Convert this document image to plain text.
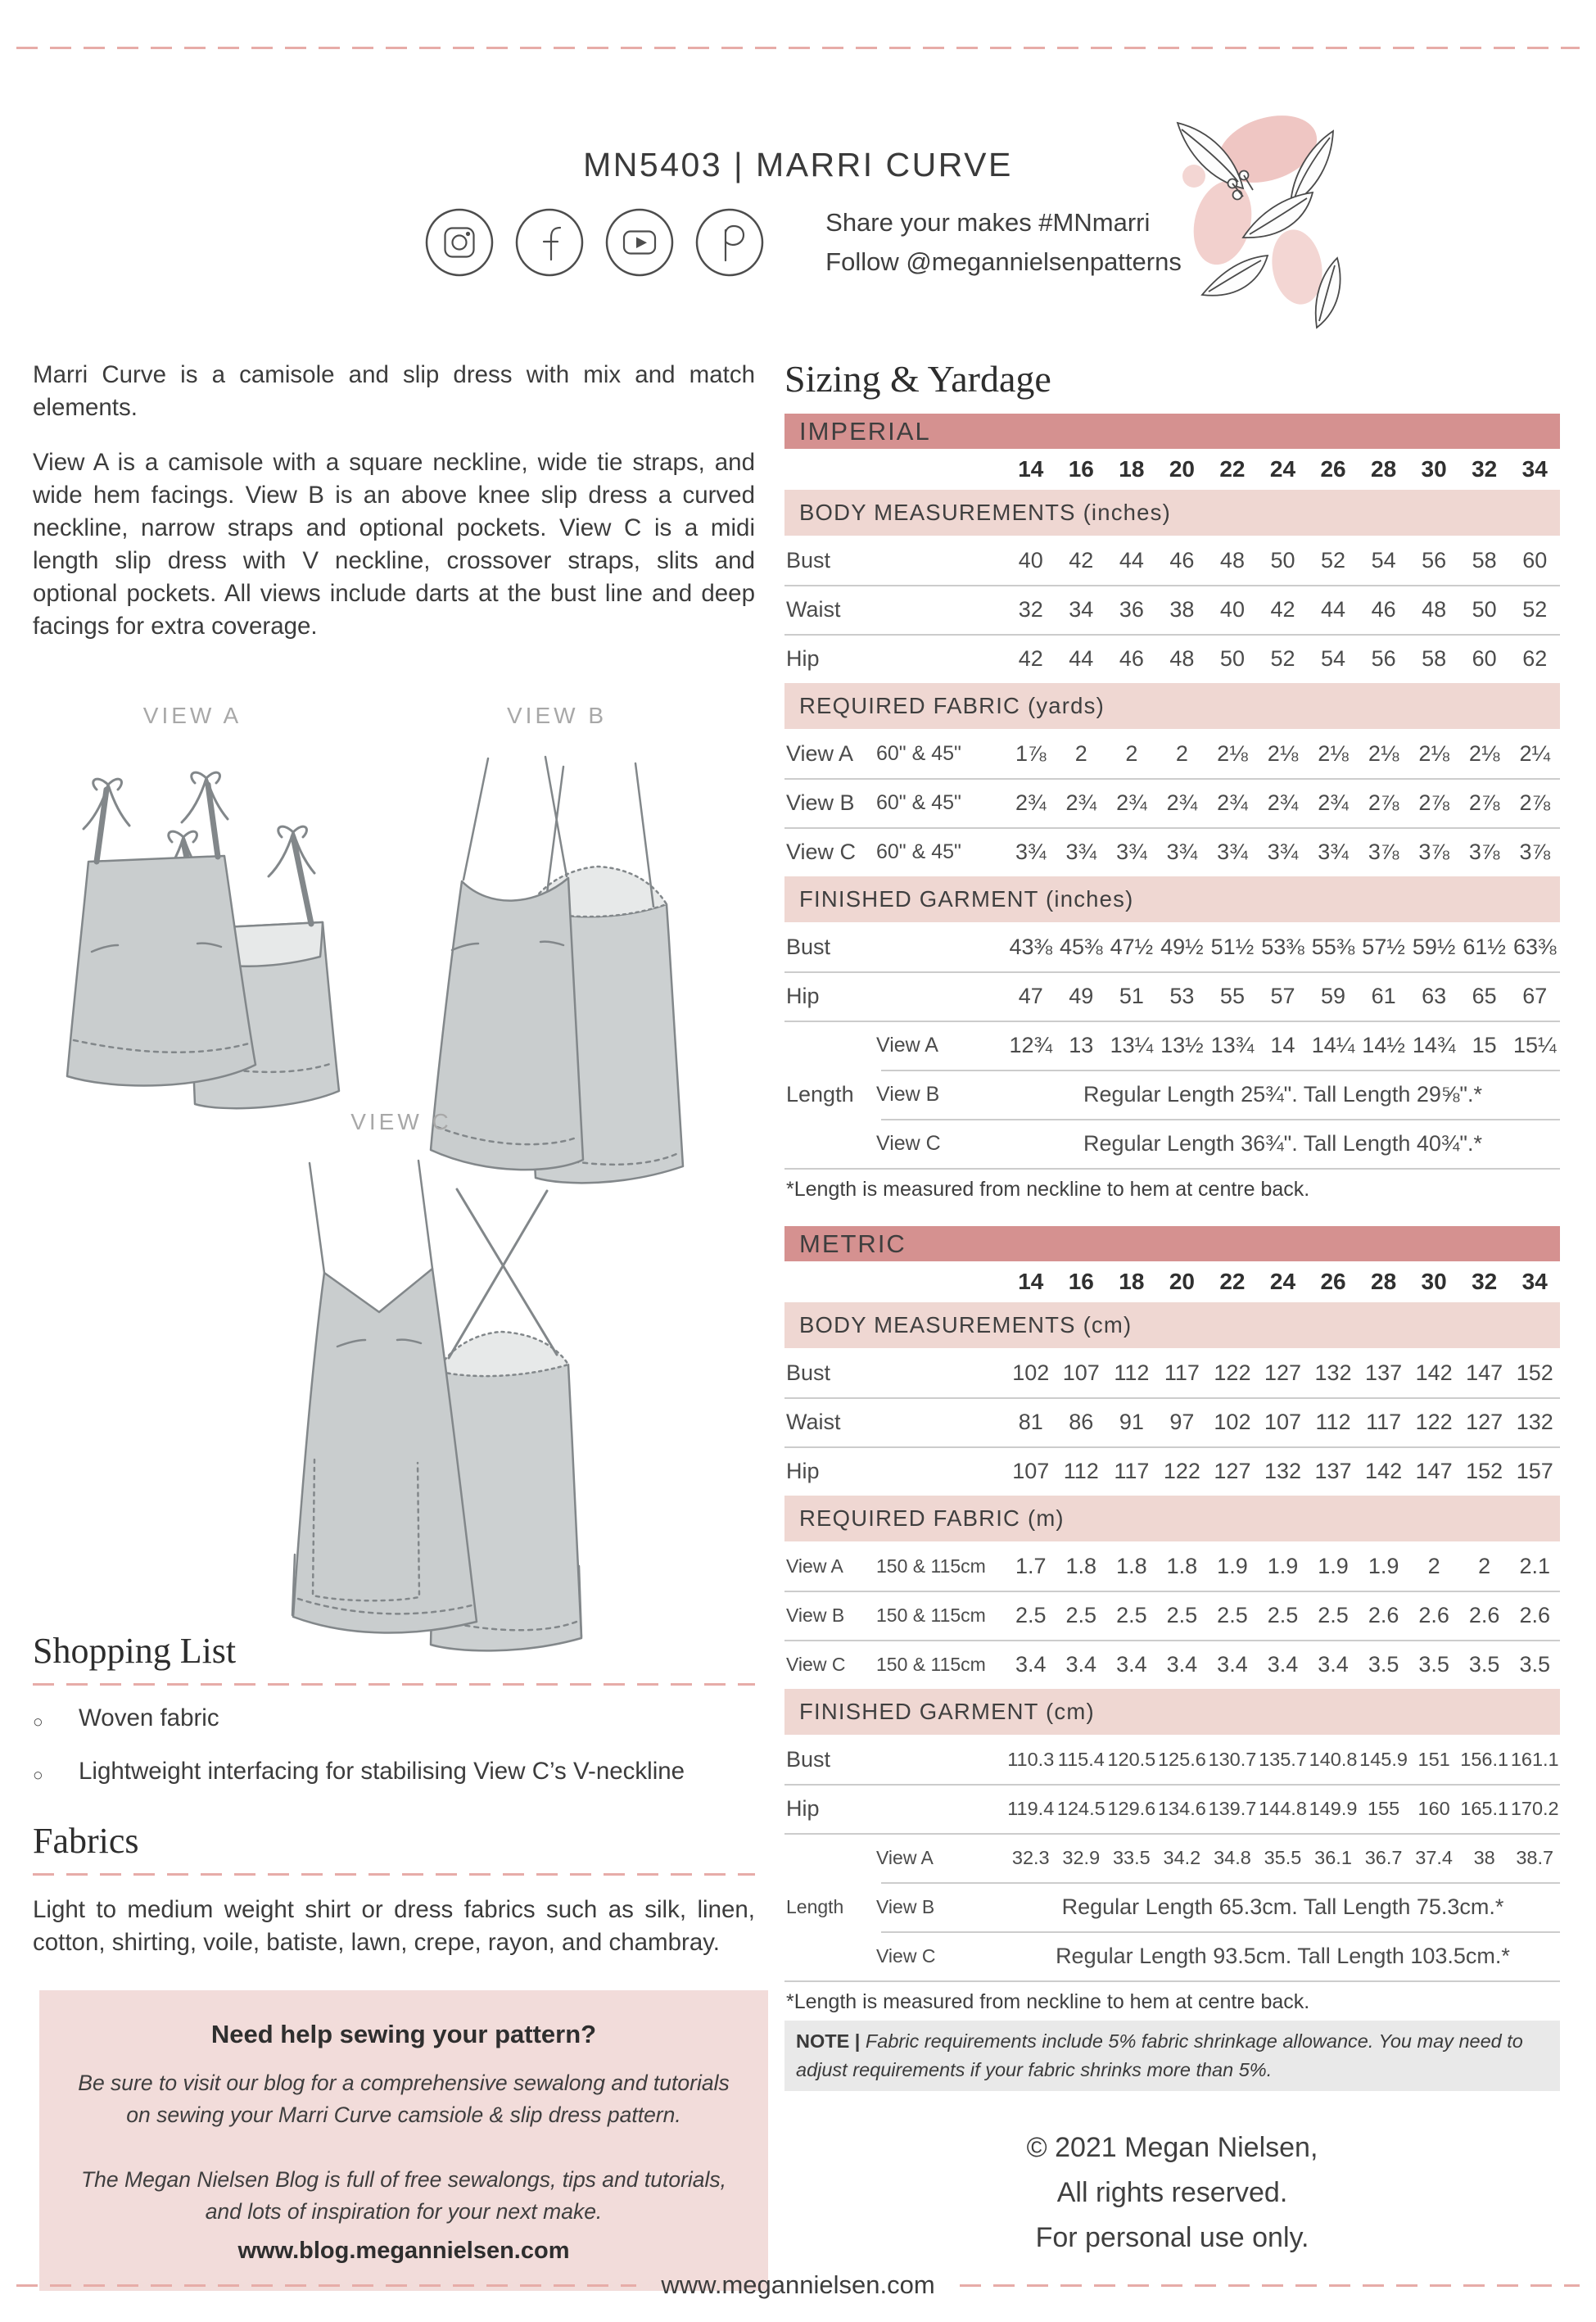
MN5403 | MARRI CURVE
Share your makes #MNmarri
Follow @megannielsenpatterns

Marri Curve is a camisole and slip dress with mix and match elements.

View A is a camisole with a square neckline, wide tie straps, and wide hem facings. View B is an above knee slip dress a curved neckline, narrow straps and optional pockets. View C is a midi length slip dress with V neckline, crossover straps, slits and optional pockets. All views include darts at the bust line and deep facings for extra coverage.

VIEW A	VIEW B
VIEW C
Shopping List
○	Woven fabric
○	Lightweight interfacing for stabilising View C’s V-neckline
Fabrics

Light to medium weight shirt or dress fabrics such as silk, linen, cotton, shirting, voile, batiste, lawn, crepe, rayon, and chambray.

Need help sewing your pattern?

Be sure to visit our blog for a comprehensive sewalong and tutorials on sewing your Marri Curve camsiole & slip dress pattern.

The Megan Nielsen Blog is full of free sewalongs, tips and tutorials, and lots of inspiration for your next make.

www.blog.megannielsen.com
Sizing & Yardage
IMPERIAL
14	16	18	20	22	24	26	28	30	32	34
BODY MEASUREMENTS (inches)
Bust	40	42	44	46	48	50	52	54	56	58	60
Waist	32	34	36	38	40	42	44	46	48	50	52
Hip	42	44	46	48	50	52	54	56	58	60	62
REQUIRED FABRIC (yards)
View A	60" & 45"	1⅞	2	2	2	2⅛ 2⅛ 2⅛ 2⅛ 2⅛ 2⅛ 2¼
View B	60" & 45"	2¾ 2¾ 2¾ 2¾ 2¾ 2¾ 2¾ 2⅞ 2⅞ 2⅞ 2⅞
View C 60" & 45"	3¾ 3¾ 3¾ 3¾ 3¾ 3¾ 3¾ 3⅞ 3⅞ 3⅞ 3⅞
FINISHED GARMENT (inches)
Bust	43⅜ 45⅜ 47½ 49½ 51½ 53⅜ 55⅜ 57½ 59½ 61½ 63⅜
Hip	47	49	51	53	55	57	59	61	63	65	67
View A	12¾ 13 13¼ 13½ 13¾ 14 14¼ 14½ 14¾ 15 15¼
Length	View B	Regular Length 25¾". Tall Length 29⅝".*
View C	Regular Length 36¾". Tall Length 40¾".*
*Length is measured from neckline to hem at centre back.
METRIC
14	16	18	20	22	24	26	28	30	32	34
BODY MEASUREMENTS (cm)
Bust	102 107 112 117 122 127 132 137 142 147 152
Waist	81	86	91	97 102 107 112 117 122 127 132
Hip	107 112 117 122 127 132 137 142 147 152 157
REQUIRED FABRIC (m)
View A	150 & 115cm	1.7 1.8 1.8 1.8 1.9 1.9 1.9 1.9	2	2	2.1
View B	150 & 115cm	2.5 2.5 2.5 2.5 2.5 2.5 2.5 2.6 2.6 2.6 2.6
View C	150 & 115cm	3.4 3.4 3.4 3.4 3.4 3.4 3.4 3.5 3.5 3.5 3.5
FINISHED GARMENT (cm)
Bust	110.3 115.4 120.5 125.6 130.7 135.7 140.8 145.9 151 156.1 161.1
Hip	119.4 124.5 129.6 134.6 139.7 144.8 149.9 155 160 165.1 170.2
View A	32.3 32.9 33.5 34.2 34.8 35.5 36.1 36.7 37.4	38	38.7
Length	View B	Regular Length 65.3cm. Tall Length 75.3cm.*
View C	Regular Length 93.5cm. Tall Length 103.5cm.*
*Length is measured from neckline to hem at centre back.
NOTE | Fabric requirements include 5% fabric shrinkage allowance. You may need to adjust requirements if your fabric shrinks more than 5%.
© 2021 Megan Nielsen,
All rights reserved.
For personal use only.
www.megannielsen.com
